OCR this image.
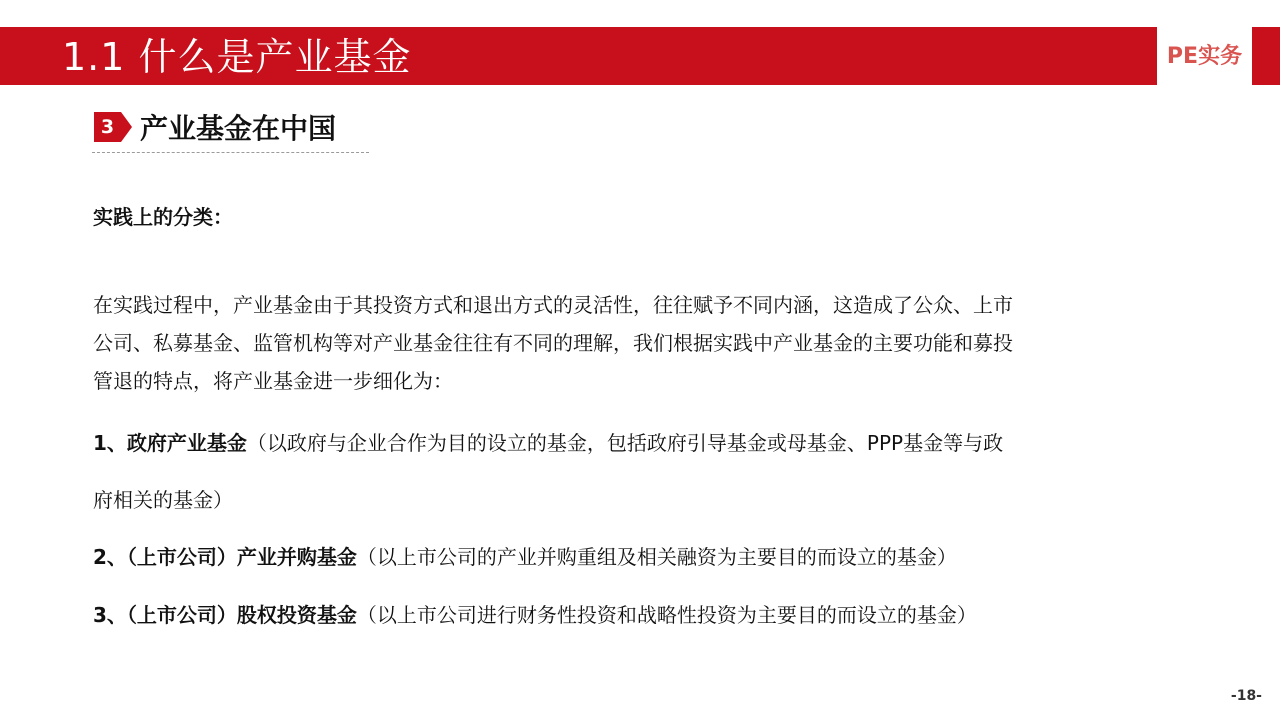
1.1 什么是产业基金	PE实务
3 产业基金在中国
实践上的分类：
在实践过程中，产业基金由于其投资方式和退出方式的灵活性，往往赋予不同内涵，这造成了公众、上市
公司、私募基金、监管机构等对产业基金往往有不同的理解，我们根据实践中产业基金的主要功能和募投
管退的特点，将产业基金进一步细化为：
1、政府产业基金（以政府与企业合作为目的设立的基金，包括政府引导基金或母基金、PPP基金等与政
府相关的基金）
2、（上市公司）产业并购基金（以上市公司的产业并购重组及相关融资为主要目的而设立的基金）
3、（上市公司）股权投资基金（以上市公司进行财务性投资和战略性投资为主要目的而设立的基金）
-18-
